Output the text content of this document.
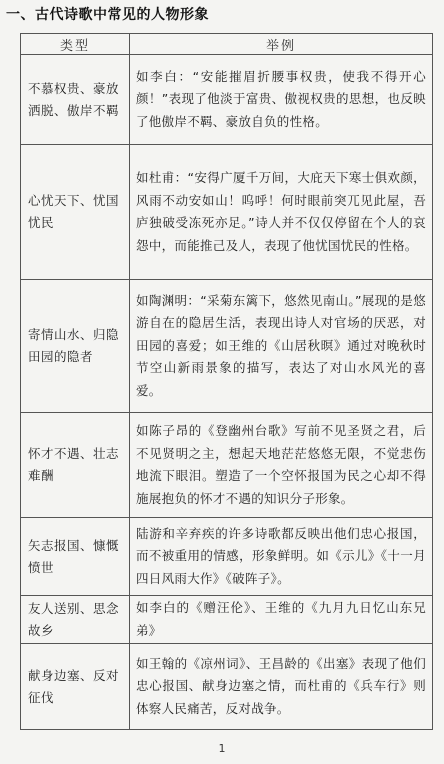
一、古代诗歌中常见的人物形象
类型	举例
不慕权贵、豪放洒脱、傲岸不羁	如李白：“安能摧眉折腰事权贵，使我不得开心颜！”表现了他淡于富贵、傲视权贵的思想，也反映了他傲岸不羁、豪放自负的性格。
心忧天下、忧国忧民	如杜甫：“安得广厦千万间，大庇天下寒士俱欢颜，风雨不动安如山！呜呼！何时眼前突兀见此屋，吾庐独破受冻死亦足。”诗人并不仅仅停留在个人的哀怨中，而能推己及人，表现了他忧国忧民的性格。
寄情山水、归隐田园的隐者	如陶渊明：“采菊东篱下，悠然见南山。”展现的是悠游自在的隐居生活，表现出诗人对官场的厌恶，对田园的喜爱；如王维的《山居秋暝》通过对晚秋时节空山新雨景象的描写，表达了对山水风光的喜爱。
怀才不遇、壮志难酬	如陈子昂的《登幽州台歌》写前不见圣贤之君，后不见贤明之主，想起天地茫茫悠悠无限，不觉悲伤地流下眼泪。塑造了一个空怀报国为民之心却不得施展抱负的怀才不遇的知识分子形象。
矢志报国、慷慨愤世	陆游和辛弃疾的许多诗歌都反映出他们忠心报国，而不被重用的情感，形象鲜明。如《示儿》《十一月四日风雨大作》《破阵子》。
友人送别、思念故乡	如李白的《赠汪伦》、王维的《九月九日忆山东兄弟》
献身边塞、反对征伐	如王翰的《凉州词》、王昌龄的《出塞》表现了他们忠心报国、献身边塞之情，而杜甫的《兵车行》则体察人民痛苦，反对战争。
1
